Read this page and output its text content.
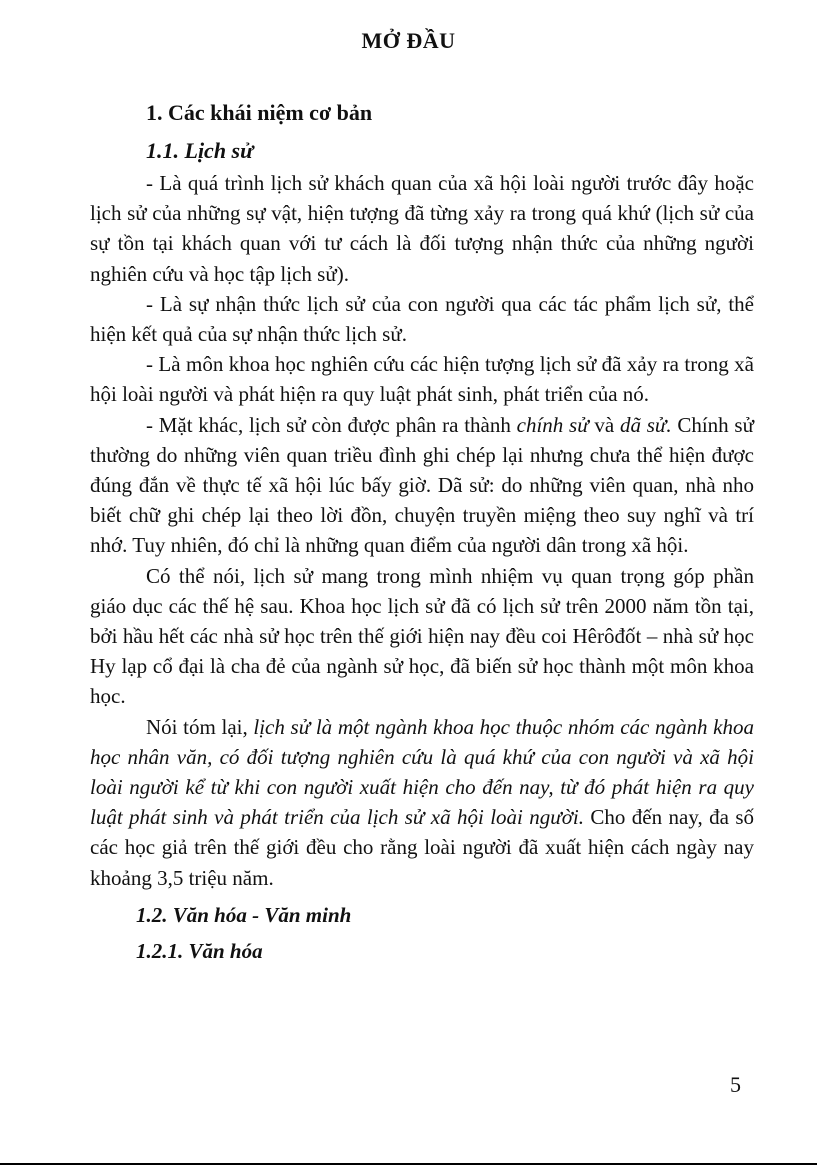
MỞ ĐẦU
1. Các khái niệm cơ bản
1.1. Lịch sử

- Là quá trình lịch sử khách quan của xã hội loài người trước đây hoặc lịch sử của những sự vật, hiện tượng đã từng xảy ra trong quá khứ (lịch sử của sự tồn tại khách quan với tư cách là đối tượng nhận thức của những người nghiên cứu và học tập lịch sử).

- Là sự nhận thức lịch sử của con người qua các tác phẩm lịch sử, thể hiện kết quả của sự nhận thức lịch sử.

- Là môn khoa học nghiên cứu các hiện tượng lịch sử đã xảy ra trong xã hội loài người và phát hiện ra quy luật phát sinh, phát triển của nó.

- Mặt khác, lịch sử còn được phân ra thành chính sử và dã sử. Chính sử thường do những viên quan triều đình ghi chép lại nhưng chưa thể hiện được đúng đắn về thực tế xã hội lúc bấy giờ. Dã sử: do những viên quan, nhà nho biết chữ ghi chép lại theo lời đồn, chuyện truyền miệng theo suy nghĩ và trí nhớ. Tuy nhiên, đó chỉ là những quan điểm của người dân trong xã hội.

Có thể nói, lịch sử mang trong mình nhiệm vụ quan trọng góp phần giáo dục các thế hệ sau. Khoa học lịch sử đã có lịch sử trên 2000 năm tồn tại, bởi hầu hết các nhà sử học trên thế giới hiện nay đều coi Hêrôđốt – nhà sử học Hy lạp cổ đại là cha đẻ của ngành sử học, đã biến sử học thành một môn khoa học.

Nói tóm lại, lịch sử là một ngành khoa học thuộc nhóm các ngành khoa học nhân văn, có đối tượng nghiên cứu là quá khứ của con người và xã hội loài người kể từ khi con người xuất hiện cho đến nay, từ đó phát hiện ra quy luật phát sinh và phát triển của lịch sử xã hội loài người. Cho đến nay, đa số các học giả trên thế giới đều cho rằng loài người đã xuất hiện cách ngày nay khoảng 3,5 triệu năm.

1.2. Văn hóa - Văn minh
1.2.1. Văn hóa
5
